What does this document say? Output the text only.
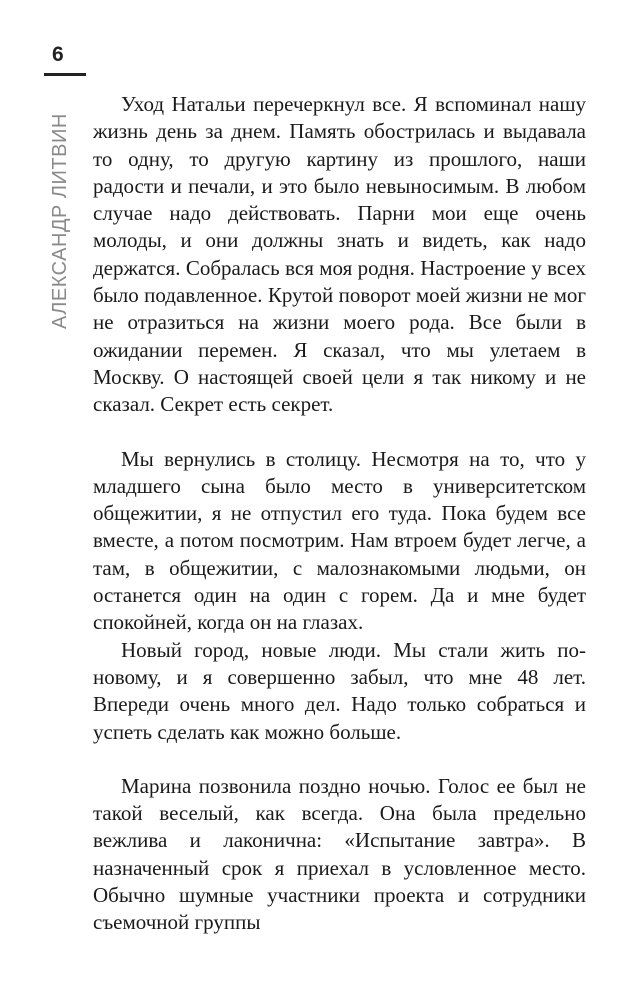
6
АЛЕКСАНДР ЛИТВИН

Уход Натальи перечеркнул все. Я вспоминал нашу жизнь день за днем. Память обострилась и выдавала то одну, то другую картину из прошлого, наши радости и печали, и это было невыносимым. В любом случае надо действовать. Парни мои еще очень молоды, и они должны знать и видеть, как надо держатся. Собралась вся моя родня. Настроение у всех было подавленное. Крутой поворот моей жизни не мог не отразиться на жизни моего рода. Все были в ожидании перемен. Я сказал, что мы улетаем в Москву. О настоящей своей цели я так никому и не сказал. Секрет есть секрет.

Мы вернулись в столицу. Несмотря на то, что у младшего сына было место в университетском общежитии, я не отпустил его туда. Пока будем все вместе, а потом посмотрим. Нам втроем будет легче, а там, в общежитии, с малознакомыми людьми, он останется один на один с горем. Да и мне будет спокойней, когда он на глазах.

Новый город, новые люди. Мы стали жить по-новому, и я совершенно забыл, что мне 48 лет. Впереди очень много дел. Надо только собраться и успеть сделать как можно больше.

Марина позвонила поздно ночью. Голос ее был не такой веселый, как всегда. Она была предельно вежлива и лаконична: «Испытание завтра». В назначенный срок я приехал в условленное место. Обычно шумные участники проекта и сотрудники съемочной группы
